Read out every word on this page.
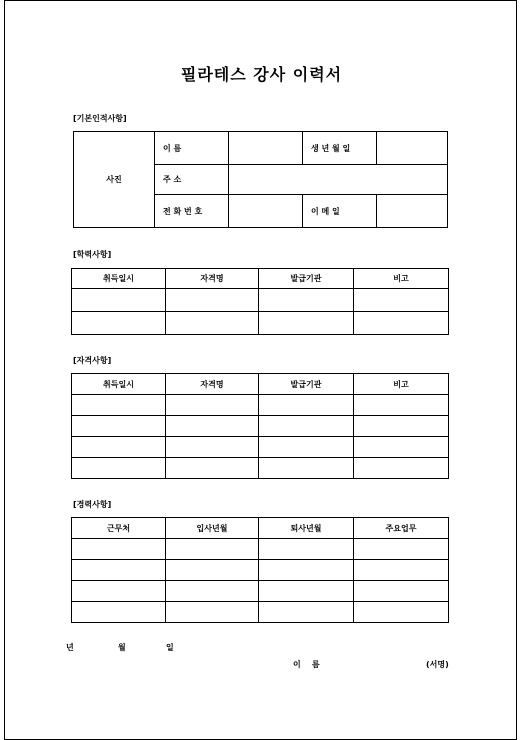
필라테스 강사 이력서
[기본인적사항]
사진	이 름		생 년 월 일	
	주 소			
	전 화 번 호		이 메 일	
[학력사항]
취득일시	자격명	발급기관	비고

[자격사항]
취득일시	자격명	발급기관	비고

[경력사항]
근무처	입사년월	퇴사년월	주요업무

년	월	일
이    름	(서명)
